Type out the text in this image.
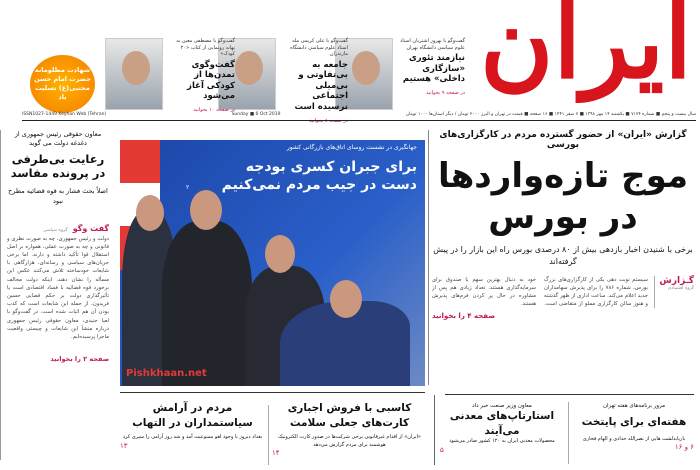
ایران
گفت‌وگو با بهروز اشتریان استاد علوم سیاسی دانشگاه تهران
نیازمند تئوری «سازگاری داخلی» هستیم
در صفحه ۹ بخوانید
گفت‌وگو با علی کریمی مله استاد علوم سیاسی دانشگاه مازندران
جامعه به بی‌تفاوتی و بی‌میلی اجتماعی نرسیده است
در صفحه ۸ بخوانید
گفت‌وگو با مصطفی معین به بهانه رونمایی از کتاب «۲۰ کودک»
گفت‌وگوی تمدن‌ها از کودکی آغاز می‌شود
در صفحه ۱۰ بخوانید
شهادت مظلومانه حضرت امام حسن مجتبی(ع) تسلیت باد
سال بیست و پنجم ■ شماره ۷۱۷۴ ■ یکشنبه ۱۴ مهر ۱۳۹۸ ■ ۷ صفر ۱۴۴۱ ■ ۱۶ صفحه ■ قیمت در تهران و البرز ۲۰۰۰ تومان / دیگر استان‌ها ۱۰۰۰ تومان
Sunday ■ 6 Oct 2019
ISSN1027-1449 Keyhan Web (Tehran)
معاون حقوقی رئیس جمهوری از دغدغه دولت می گوید
رعایت بی‌طرفی در پرونده مفاسد
اصلاً بحث فشار به قوه قضائیه مطرح نبود
گفت وگو گروه سیاسی
دولت و رئیس جمهوری، چه به صورت نظری و قانونی و چه به صورت عملی، همواره بر اصل استقلال قوا تأکید داشته و دارند. اما برخی جریان‌های سیاسی و رسانه‌ای، هزارگاهی با شایعات خودساخته تلاش می‌کنند عکس این مسأله را نشان دهند. اینکه دولت مخالف برخورد قوه قضائیه با فساد اقتصادی است یا تأثیرگذاری دولت بر حکم قضایی حسین فریدون، از جمله این شایعات است که کذب بودن آن هم اثبات شده است. در گفت‌وگو با لعیا جنیدی، معاون حقوقی رئیس جمهوری درباره منشأ این شایعات و چیستی واقعیت ماجرا پرسیده‌ایم.
صفحه ۲ را بخوانید
Pishkhaan.net
جهانگیری در نشست روسای اتاق‌های بازرگانی کشور
برای جبران کسری بودجه دست در جیب مردم نمی‌کنیم
۲
گزارش «ایران» از حضور گسترده مردم در کارگزاری‌های بورسی
موج تازه‌واردها در بورس
برخی با شنیدن اخبار بازدهی بیش از ۸۰ درصدی بورس راه این بازار را در پیش گرفته‌اند
گـزارش
گروه اقتصادی
سیستم نوبت دهی یکی از کارگزاری‌های بزرگ بورس، شماره ۷۸۶ را برای پذیرش سهامداران جدید اعلام می‌کند. ساعت اداری از ظهر گذشته و هنوز سالن کارگزاری مملو از متقاضی است. خود به دنبال بهترین سهم یا صندوق برای سرمایه‌گذاری هستند. تعداد زیادی هم پس از مشاوره در حال پر کردن فرم‌های پذیرش هستند.
صفحه ۴ را بخوانید
مرور برنامه‌های هفته تهران
هفته‌ای برای پایتخت
بازیابدلشت هایی از نصرالله حدادی و الهام فخاری
۶ و ۱۶
معاون وزیر صنعت خبر داد
استارتاپ‌های معدنی می‌آیند
محصولات معدنی ایران به ۱۲۰ کشور صادر می‌شود
۵
کاسبی با فروش اجباری کارت‌های جعلی سلامت
«ایران» از اقدام غیرقانونی برخی شرکت‌ها در صدور کارت الکترونیک هوشمند برای مردم گزارش می‌دهد
۱۴
مردم در آرامش سیاستمداران در التهاب
بغداد دیروز با وجود لغو ممنوعیت آمد و شد روز آرامی را سپری کرد
۱۳
